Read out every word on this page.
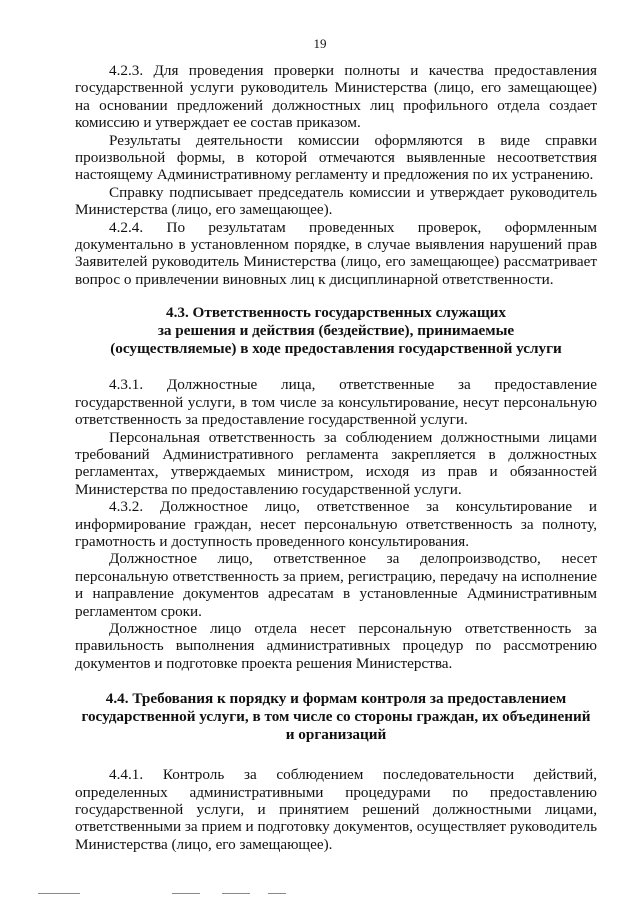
19

4.2.3. Для проведения проверки полноты и качества предоставления государственной услуги руководитель Министерства (лицо, его замещающее) на основании предложений должностных лиц профильного отдела создает комиссию и утверждает ее состав приказом.

Результаты деятельности комиссии оформляются в виде справки произвольной формы, в которой отмечаются выявленные несоответствия настоящему Административному регламенту и предложения по их устранению.

Справку подписывает председатель комиссии и утверждает руководитель Министерства (лицо, его замещающее).

4.2.4. По результатам проведенных проверок, оформленным документально в установленном порядке, в случае выявления нарушений прав Заявителей руководитель Министерства (лицо, его замещающее) рассматривает вопрос о привлечении виновных лиц к дисциплинарной ответственности.

4.3. Ответственность государственных служащих
за решения и действия (бездействие), принимаемые
(осуществляемые) в ходе предоставления государственной услуги

4.3.1. Должностные лица, ответственные за предоставление государственной услуги, в том числе за консультирование, несут персональную ответственность за предоставление государственной услуги.

Персональная ответственность за соблюдением должностными лицами требований Административного регламента закрепляется в должностных регламентах, утверждаемых министром, исходя из прав и обязанностей Министерства по предоставлению государственной услуги.

4.3.2. Должностное лицо, ответственное за консультирование и информирование граждан, несет персональную ответственность за полноту, грамотность и доступность проведенного консультирования.

Должностное лицо, ответственное за делопроизводство, несет персональную ответственность за прием, регистрацию, передачу на исполнение и направление документов адресатам в установленные Административным регламентом сроки.

Должностное лицо отдела несет персональную ответственность за правильность выполнения административных процедур по рассмотрению документов и подготовке проекта решения Министерства.

4.4. Требования к порядку и формам контроля за предоставлением
государственной услуги, в том числе со стороны граждан, их объединений
и организаций

4.4.1. Контроль за соблюдением последовательности действий, определенных административными процедурами по предоставлению государственной услуги, и принятием решений должностными лицами, ответственными за прием и подготовку документов, осуществляет руководитель Министерства (лицо, его замещающее).
